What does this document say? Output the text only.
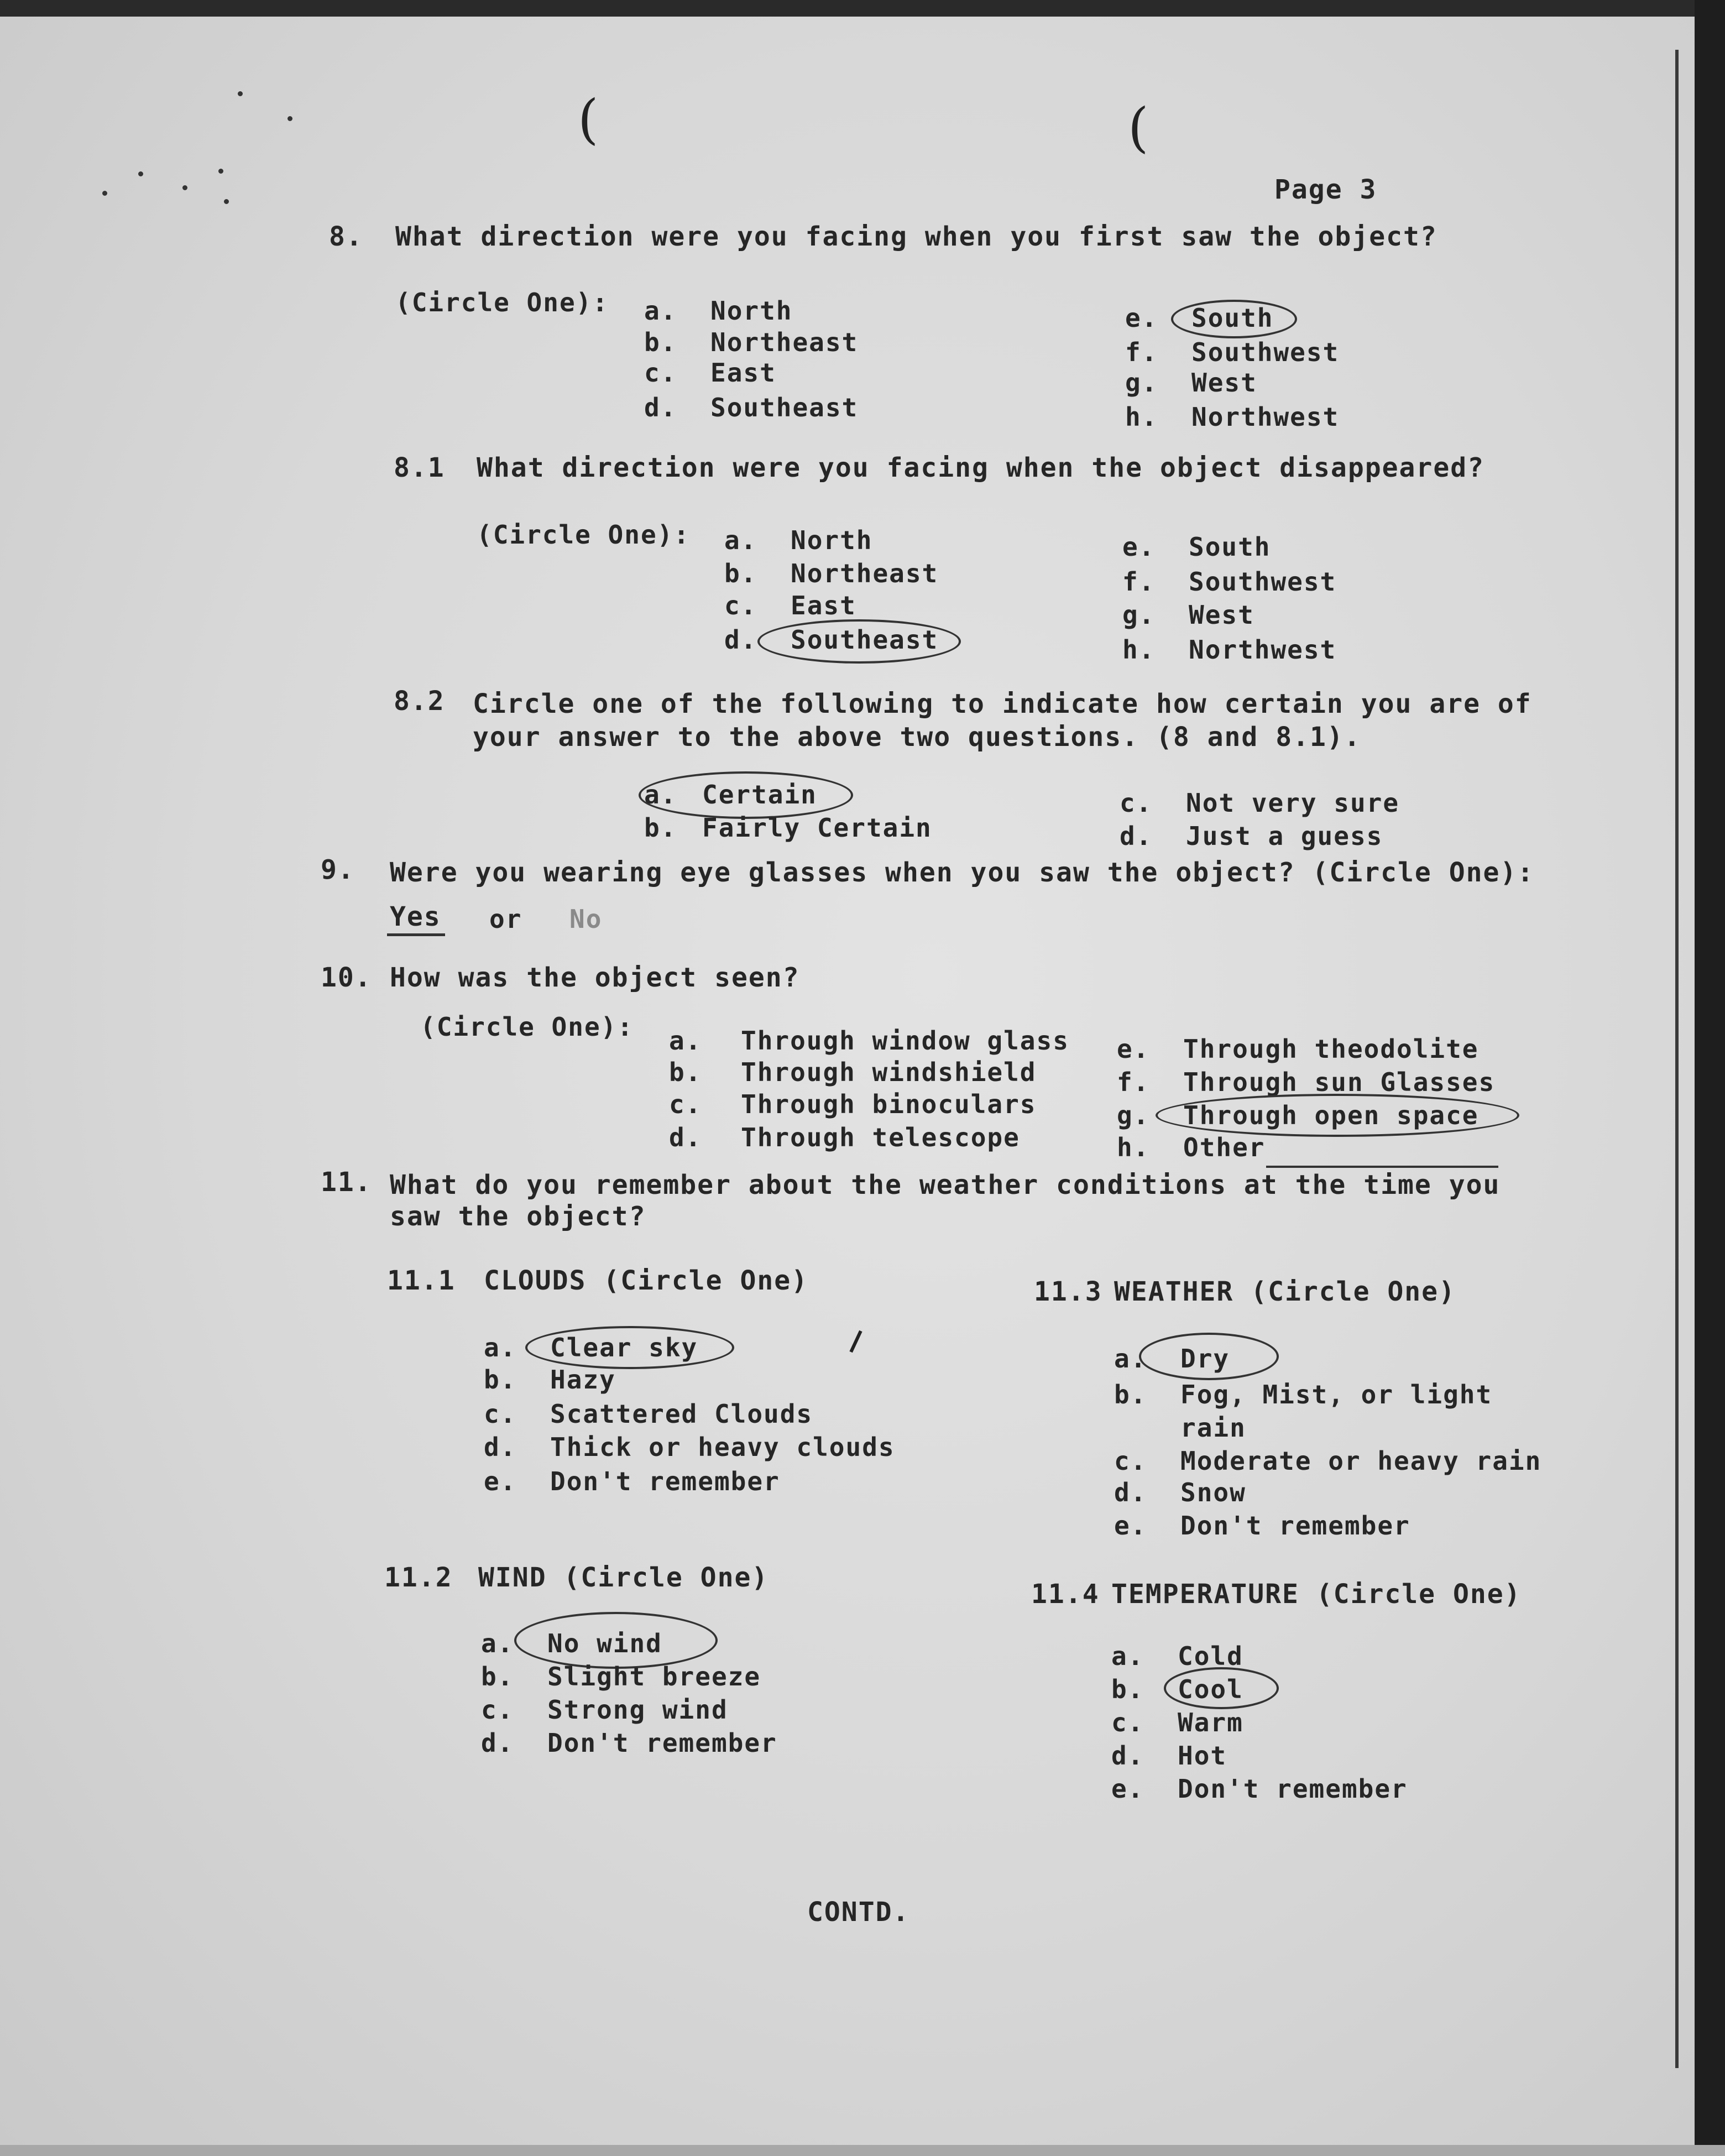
(	(
Page 3
8. What direction were you facing when you first saw the object?
(Circle One): a. North
b. Northeast
c. East
d. Southeast
e. South
f. Southwest
g. West
h. Northwest
8.1 What direction were you facing when the object disappeared?
(Circle One): a. North
b. Northeast
c. East
d. Southeast
e. South
f. Southwest
g. West
h. Northwest
8.2 Circle one of the following to indicate how certain you are of
your answer to the above two questions. (8 and 8.1).
a. Certain
b. Fairly Certain
c. Not very sure
d. Just a guess
9. Were you wearing eye glasses when you saw the object? (Circle One):
Yes or No
10. How was the object seen?
(Circle One): a. Through window glass
b. Through windshield
c. Through binoculars
d. Through telescope
e. Through theodolite
f. Through sun Glasses
g. Through open space
h. Other
11. What do you remember about the weather conditions at the time you
saw the object?
11.1 CLOUDS (Circle One)
a. Clear sky
b. Hazy
c. Scattered Clouds
d. Thick or heavy clouds
e. Don't remember
11.2 WIND (Circle One)
a. No wind
b. Slight breeze
c. Strong wind
d. Don't remember
11.3 WEATHER (Circle One)
a. Dry
b. Fog, Mist, or light
rain
c. Moderate or heavy rain
d. Snow
e. Don't remember
11.4 TEMPERATURE (Circle One)
a. Cold
b. Cool
c. Warm
d. Hot
e. Don't remember
CONTD.
